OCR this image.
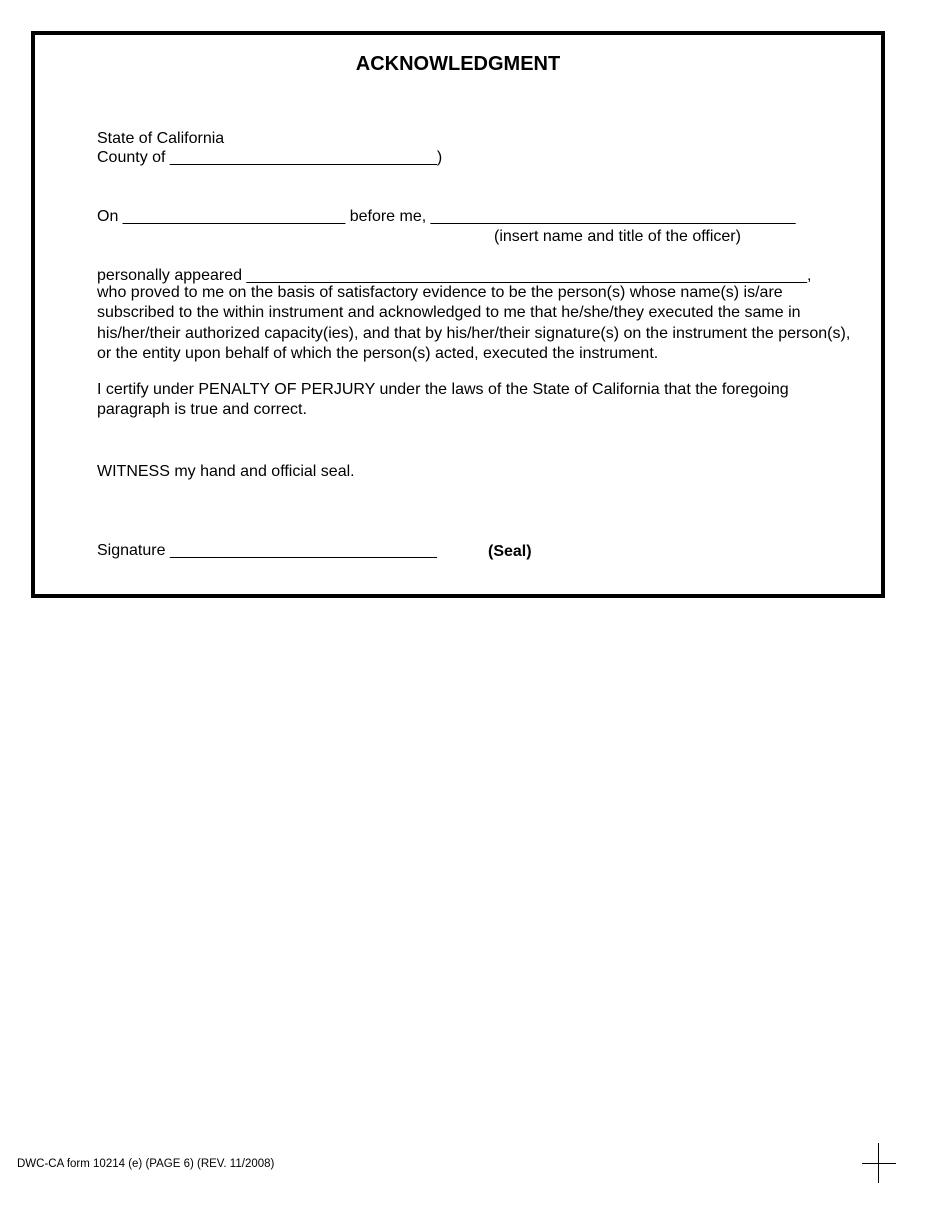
ACKNOWLEDGMENT
State of California
County of ______________________________)
On _________________________ before me, _________________________________________
(insert name and title of the officer)
personally appeared _______________________________________________________________,
who proved to me on the basis of satisfactory evidence to be the person(s) whose name(s) is/are subscribed to the within instrument and acknowledged to me that he/she/they executed the same in his/her/their authorized capacity(ies), and that by his/her/their signature(s) on the instrument the person(s), or the entity upon behalf of which the person(s) acted, executed the instrument.
I certify under PENALTY OF PERJURY under the laws of the State of California that the foregoing paragraph is true and correct.
WITNESS my hand and official seal.
Signature ______________________________	(Seal)
DWC-CA form 10214 (e) (PAGE 6) (REV. 11/2008)
